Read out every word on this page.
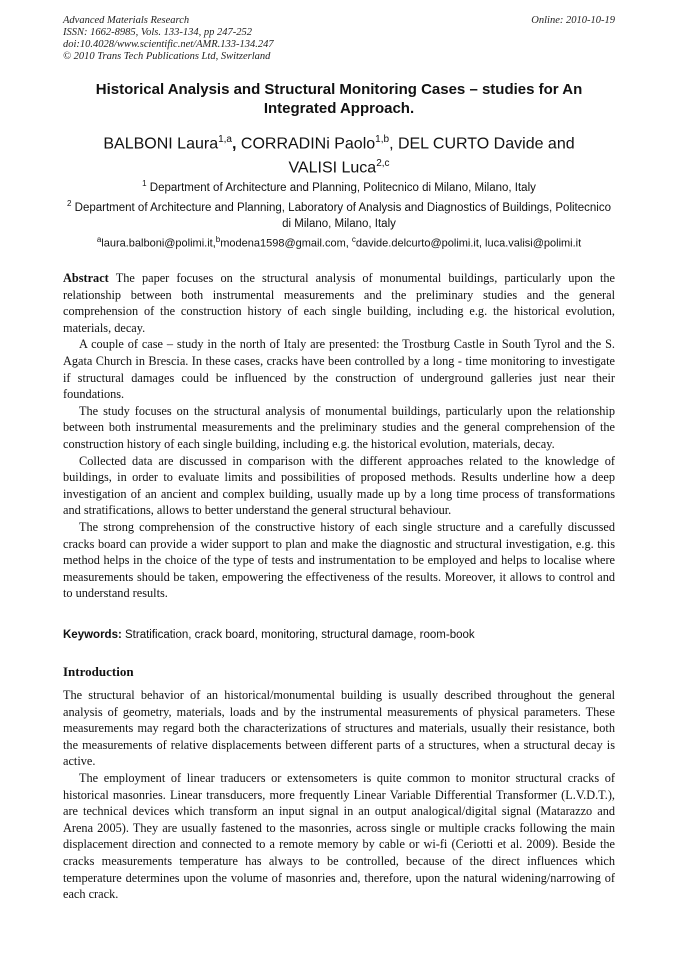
Advanced Materials Research
ISSN: 1662-8985, Vols. 133-134, pp 247-252
doi:10.4028/www.scientific.net/AMR.133-134.247
© 2010 Trans Tech Publications Ltd, Switzerland
Online: 2010-10-19
Historical Analysis and Structural Monitoring Cases – studies for An Integrated Approach.
BALBONI Laura$^{1,a}$, CORRADINi Paolo$^{1,b}$, DEL CURTO Davide and
VALISI Luca$^{2,c}$
$^1$ Department of Architecture and Planning, Politecnico di Milano, Milano, Italy
$^2$ Department of Architecture and Planning, Laboratory of Analysis and Diagnostics of Buildings, Politecnico di Milano, Milano, Italy
$^a$laura.balboni@polimi.it,$^b$modena1598@gmail.com, $^c$davide.delcurto@polimi.it, luca.valisi@polimi.it

Abstract The paper focuses on the structural analysis of monumental buildings, particularly upon the relationship between both instrumental measurements and the preliminary studies and the general comprehension of the construction history of each single building, including e.g. the historical evolution, materials, decay.

A couple of case – study in the north of Italy are presented: the Trostburg Castle in South Tyrol and the S. Agata Church in Brescia. In these cases, cracks have been controlled by a long - time monitoring to investigate if structural damages could be influenced by the construction of underground galleries just near their foundations.

The study focuses on the structural analysis of monumental buildings, particularly upon the relationship between both instrumental measurements and the preliminary studies and the general comprehension of the construction history of each single building, including e.g. the historical evolution, materials, decay.

Collected data are discussed in comparison with the different approaches related to the knowledge of buildings, in order to evaluate limits and possibilities of proposed methods. Results underline how a deep investigation of an ancient and complex building, usually made up by a long time process of transformations and stratifications, allows to better understand the general structural behaviour.

The strong comprehension of the constructive history of each single structure and a carefully discussed cracks board can provide a wider support to plan and make the diagnostic and structural investigation, e.g. this method helps in the choice of the type of tests and instrumentation to be employed and helps to localise where measurements should be taken, empowering the effectiveness of the results. Moreover, it allows to control and to understand results.

Keywords: Stratification, crack board, monitoring, structural damage, room-book
Introduction

The structural behavior of an historical/monumental building is usually described throughout the general analysis of geometry, materials, loads and by the instrumental measurements of physical parameters. These measurements may regard both the characterizations of structures and materials, usually their resistance, both the measurements of relative displacements between different parts of a structures, when a structural decay is active.

The employment of linear traducers or extensometers is quite common to monitor structural cracks of historical masonries. Linear transducers, more frequently Linear Variable Differential Transformer (L.V.D.T.), are technical devices which transform an input signal in an output analogical/digital signal (Matarazzo and Arena 2005). They are usually fastened to the masonries, across single or multiple cracks following the main displacement direction and connected to a remote memory by cable or wi-fi (Ceriotti et al. 2009). Beside the cracks measurements temperature has always to be controlled, because of the direct influences which temperature determines upon the volume of masonries and, therefore, upon the natural widening/narrowing of each crack.
